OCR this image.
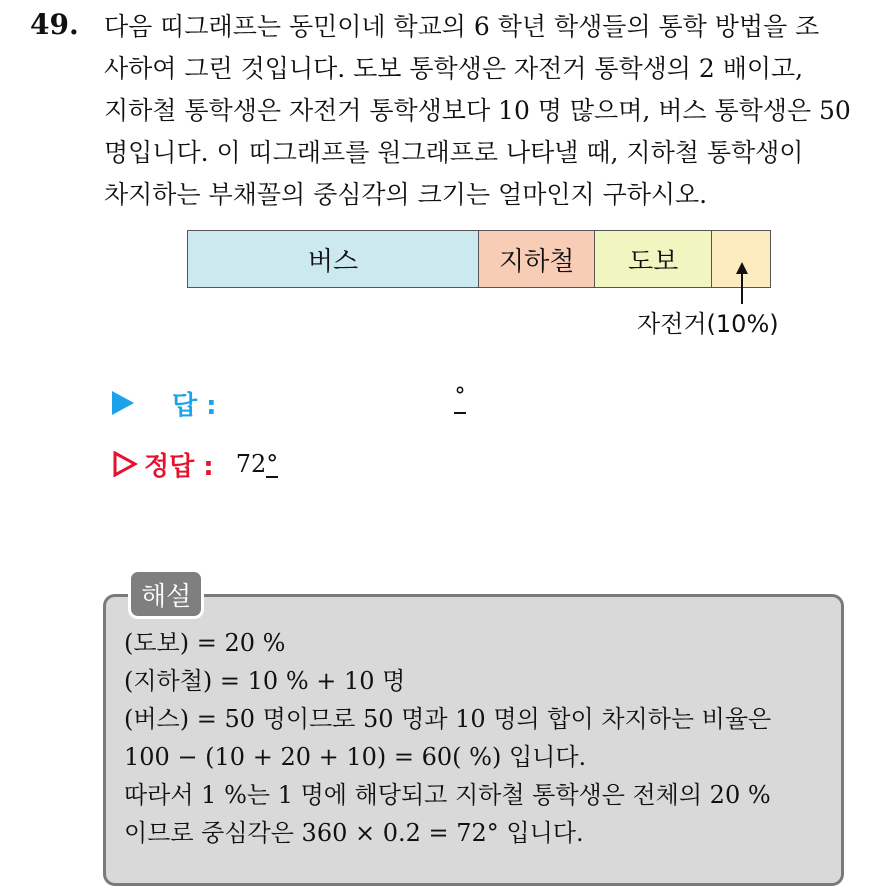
49. 다음 띠그래프는 동민이네 학교의 6 학년 학생들의 통학 방법을 조
사하여 그린 것입니다. 도보 통학생은 자전거 통학생의 2 배이고,
지하철 통학생은 자전거 통학생보다 10 명 많으며, 버스 통학생은 50
명입니다. 이 띠그래프를 원그래프로 나타낼 때, 지하철 통학생이
차지하는 부채꼴의 중심각의 크기는 얼마인지 구하시오.

버스	지하철	도보
자전거(10%)
답 :	°
정답 : 72°
해설

(도보) = 20 %
(지하철) = 10 % + 10 명
(버스) = 50 명이므로 50 명과 10 명의 합이 차지하는 비율은
100 − (10 + 20 + 10) = 60( %) 입니다.
따라서 1 %는 1 명에 해당되고 지하철 통학생은 전체의 20 %
이므로 중심각은 360 × 0.2 = 72° 입니다.
